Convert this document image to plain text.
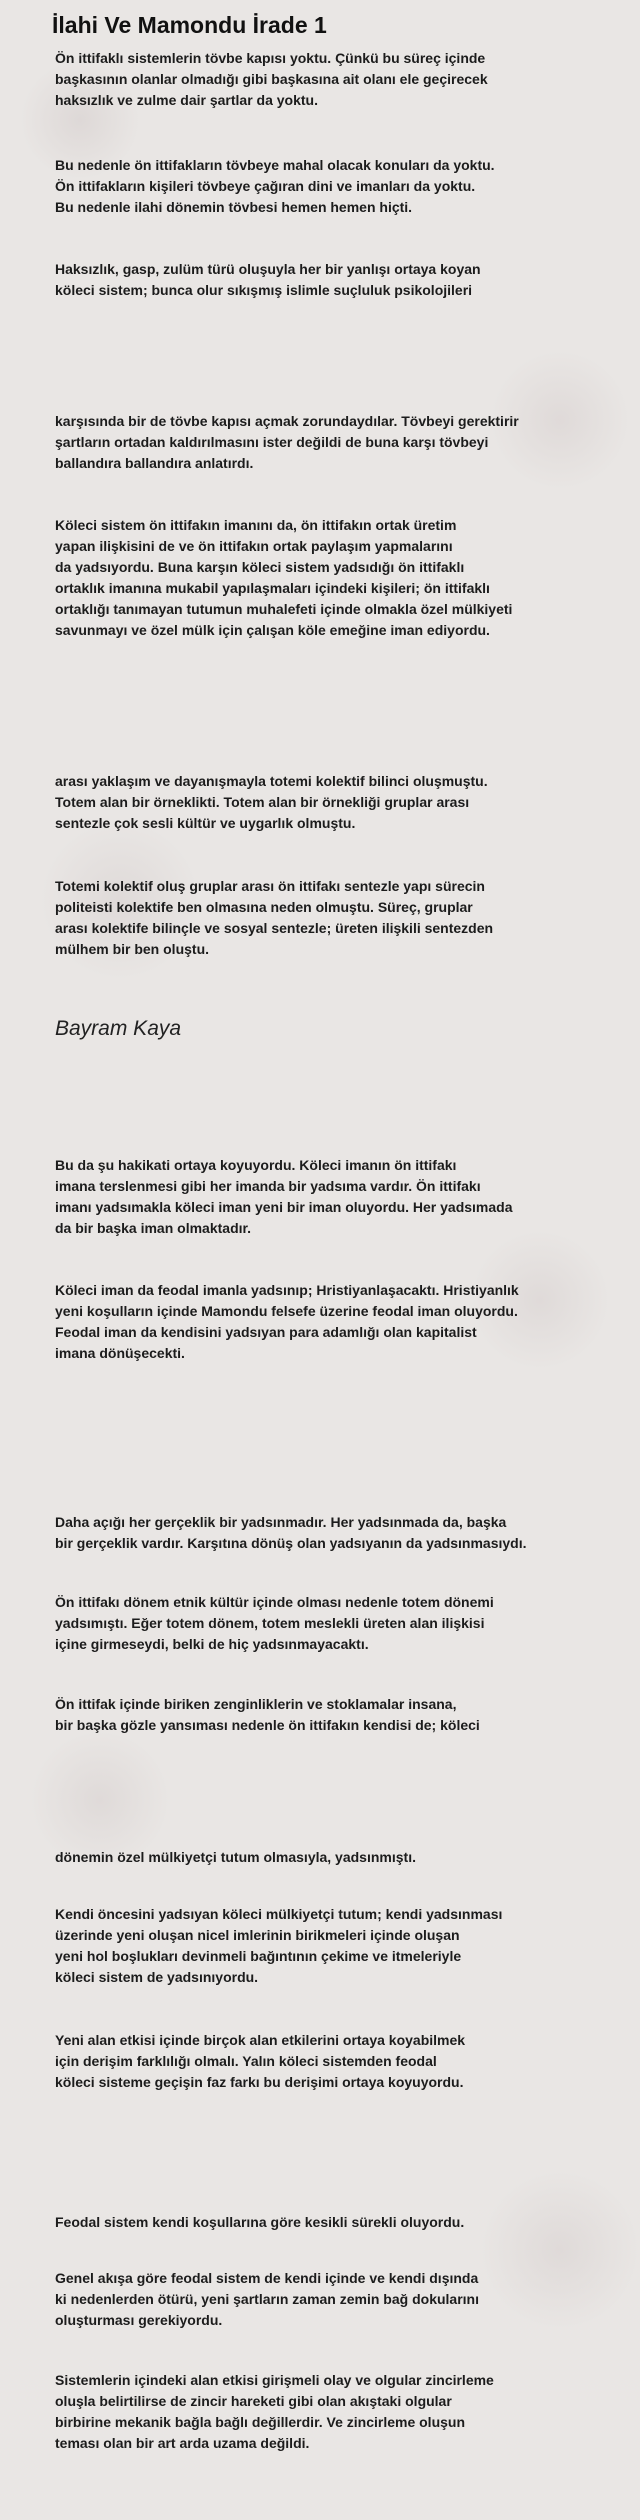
İlahi Ve Mamondu İrade 1

Ön ittifaklı sistemlerin tövbe kapısı yoktu. Çünkü bu süreç içinde
başkasının olanlar olmadığı gibi başkasına ait olanı ele geçirecek
haksızlık ve zulme dair şartlar da yoktu.

Bu nedenle ön ittifakların tövbeye mahal olacak konuları da yoktu.
Ön ittifakların kişileri tövbeye çağıran dini ve imanları da yoktu.
Bu nedenle ilahi dönemin tövbesi hemen hemen hiçti.

Haksızlık, gasp, zulüm türü oluşuyla her bir yanlışı ortaya koyan
köleci sistem; bunca olur sıkışmış islimle suçluluk psikolojileri

karşısında bir de tövbe kapısı açmak zorundaydılar. Tövbeyi gerektirir
şartların ortadan kaldırılmasını ister değildi de buna karşı tövbeyi
ballandıra ballandıra anlatırdı.

Köleci sistem ön ittifakın imanını da, ön ittifakın ortak üretim
yapan ilişkisini de ve ön ittifakın ortak paylaşım yapmalarını
da yadsıyordu. Buna karşın köleci sistem yadsıdığı ön ittifaklı
ortaklık imanına mukabil yapılaşmaları içindeki kişileri; ön ittifaklı
ortaklığı tanımayan tutumun muhalefeti içinde olmakla özel mülkiyeti
savunmayı ve özel mülk için çalışan köle emeğine iman ediyordu.

arası yaklaşım ve dayanışmayla totemi kolektif bilinci oluşmuştu.
Totem alan bir örneklikti. Totem alan bir örnekliği gruplar arası
sentezle çok sesli kültür ve uygarlık olmuştu.

Totemi kolektif oluş gruplar arası ön ittifakı sentezle yapı sürecin
politeisti kolektife ben olmasına neden olmuştu. Süreç, gruplar
arası kolektife bilinçle ve sosyal sentezle; üreten ilişkili sentezden
mülhem bir ben oluştu.

Bayram Kaya

Bu da şu hakikati ortaya koyuyordu. Köleci imanın ön ittifakı
imana terslenmesi gibi her imanda bir yadsıma vardır. Ön ittifakı
imanı yadsımakla köleci iman yeni bir iman oluyordu. Her yadsımada
da bir başka iman olmaktadır.

Köleci iman da feodal imanla yadsınıp; Hristiyanlaşacaktı. Hristiyanlık
yeni koşulların içinde Mamondu felsefe üzerine feodal iman oluyordu.
Feodal iman da kendisini yadsıyan para adamlığı olan kapitalist
imana dönüşecekti.

Daha açığı her gerçeklik bir yadsınmadır. Her yadsınmada da, başka
bir gerçeklik vardır. Karşıtına dönüş olan yadsıyanın da yadsınmasıydı.

Ön ittifakı dönem etnik kültür içinde olması nedenle totem dönemi
yadsımıştı. Eğer totem dönem, totem meslekli üreten alan ilişkisi
içine girmeseydi, belki de hiç yadsınmayacaktı.

Ön ittifak içinde biriken zenginliklerin ve stoklamalar insana,
bir başka gözle yansıması nedenle ön ittifakın kendisi de; köleci

dönemin özel mülkiyetçi tutum olmasıyla, yadsınmıştı.

Kendi öncesini yadsıyan köleci mülkiyetçi tutum; kendi yadsınması
üzerinde yeni oluşan nicel imlerinin birikmeleri içinde oluşan
yeni hol boşlukları devinmeli bağıntının çekime ve itmeleriyle
köleci sistem de yadsınıyordu.

Yeni alan etkisi içinde birçok alan etkilerini ortaya koyabilmek
için derişim farklılığı olmalı. Yalın köleci sistemden feodal
köleci sisteme geçişin faz farkı bu derişimi ortaya koyuyordu.

Feodal sistem kendi koşullarına göre kesikli sürekli oluyordu.

Genel akışa göre feodal sistem de kendi içinde ve kendi dışında
ki nedenlerden ötürü, yeni şartların zaman zemin bağ dokularını
oluşturması gerekiyordu.

Sistemlerin içindeki alan etkisi girişmeli olay ve olgular zincirleme
oluşla belirtilirse de zincir hareketi gibi olan akıştaki olgular
birbirine mekanik bağla bağlı değillerdir. Ve zincirleme oluşun
teması olan bir art arda uzama değildi.
